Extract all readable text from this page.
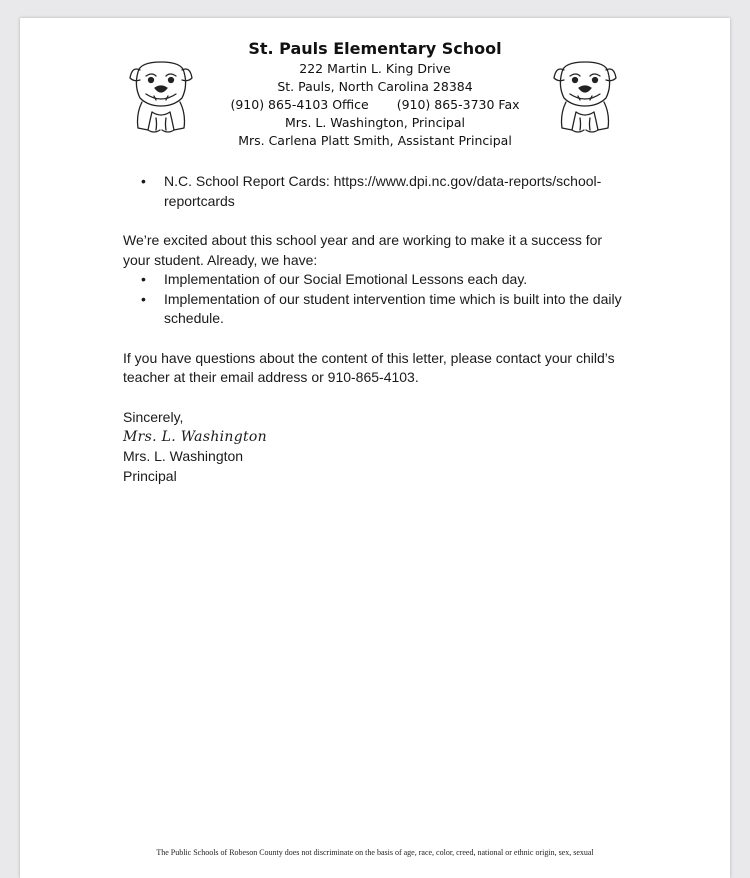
St. Pauls Elementary School
222 Martin L. King Drive
St. Pauls, North Carolina 28384
(910) 865-4103 Office (910) 865-3730 Fax
Mrs. L. Washington, Principal
Mrs. Carlena Platt Smith, Assistant Principal
• N.C. School Report Cards: https://www.dpi.nc.gov/data-reports/school-reportcards

We’re excited about this school year and are working to make it a success for your student. Already, we have:

• Implementation of our Social Emotional Lessons each day.
• Implementation of our student intervention time which is built into the daily schedule.

If you have questions about the content of this letter, please contact your child’s teacher at their email address or 910-865-4103.

Sincerely,

Mrs. L. Washington

Mrs. L. Washington

Principal

The Public Schools of Robeson County does not discriminate on the basis of age, race, color, creed, national or ethnic origin, sex, sexual
